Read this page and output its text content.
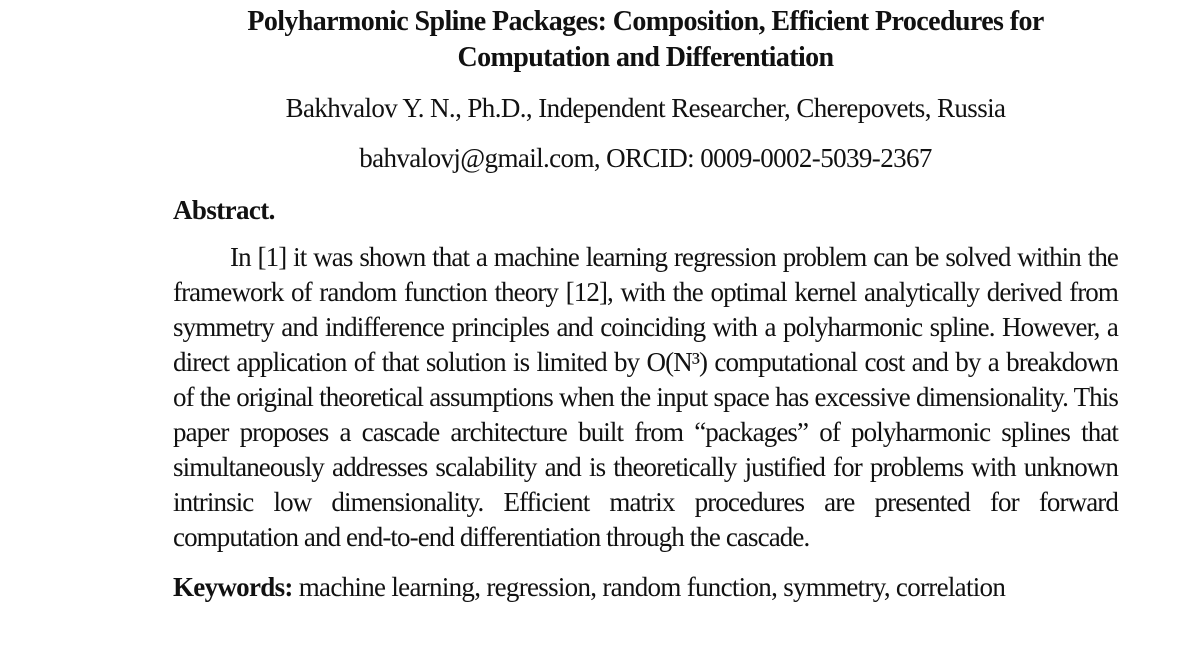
Polyharmonic Spline Packages: Composition, Efficient Procedures for Computation and Differentiation
Bakhvalov Y. N., Ph.D., Independent Researcher, Cherepovets, Russia
bahvalovj@gmail.com, ORCID: 0009-0002-5039-2367
Abstract.
In [1] it was shown that a machine learning regression problem can be solved within the framework of random function theory [12], with the optimal kernel analytically derived from symmetry and indifference principles and coinciding with a polyharmonic spline. However, a direct application of that solution is limited by O(N³) computational cost and by a breakdown of the original theoretical assumptions when the input space has excessive dimensionality. This paper proposes a cascade architecture built from “packages” of polyharmonic splines that simultaneously addresses scalability and is theoretically justified for problems with unknown intrinsic low dimensionality. Efficient matrix procedures are presented for forward computation and end-to-end differentiation through the cascade.
Keywords: machine learning, regression, random function, symmetry, correlation
